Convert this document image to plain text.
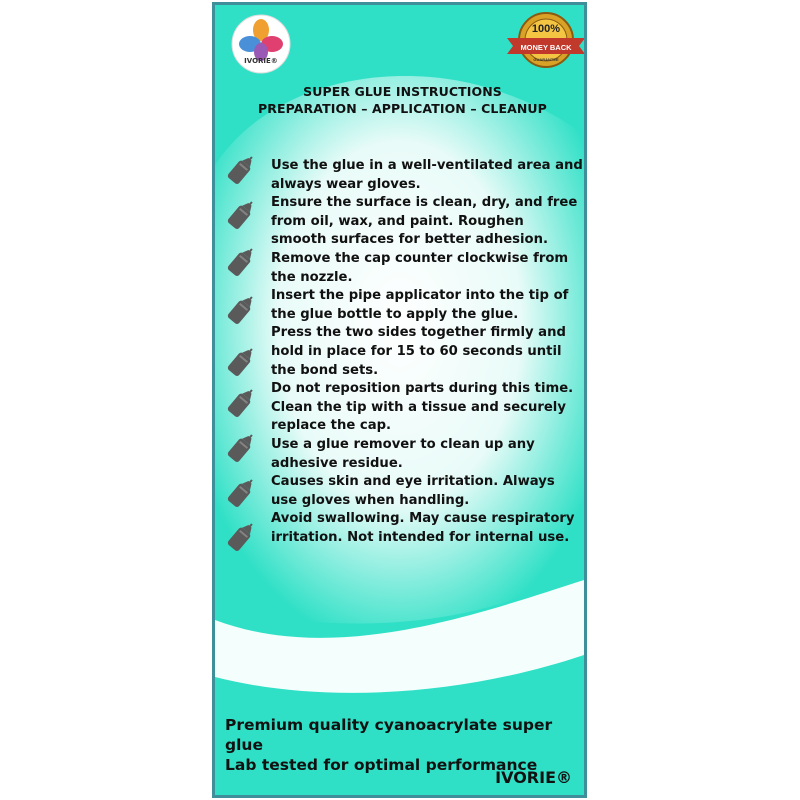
IVORIE®
100%
MONEY BACK
GUARANTEE
SUPER GLUE INSTRUCTIONS
PREPARATION – APPLICATION – CLEANUP

Use the glue in a well-ventilated area and always wear gloves.

Ensure the surface is clean, dry, and free from oil, wax, and paint. Roughen smooth surfaces for better adhesion.

Remove the cap counter clockwise from the nozzle.

Insert the pipe applicator into the tip of the glue bottle to apply the glue.

Press the two sides together firmly and hold in place for 15 to 60 seconds until the bond sets.

Do not reposition parts during this time.

Clean the tip with a tissue and securely replace the cap.

Use a glue remover to clean up any adhesive residue.

Causes skin and eye irritation. Always use gloves when handling.

Avoid swallowing. May cause respiratory irritation. Not intended for internal use.

Premium quality cyanoacrylate super glue
Lab tested for optimal performance
IVORIE®
